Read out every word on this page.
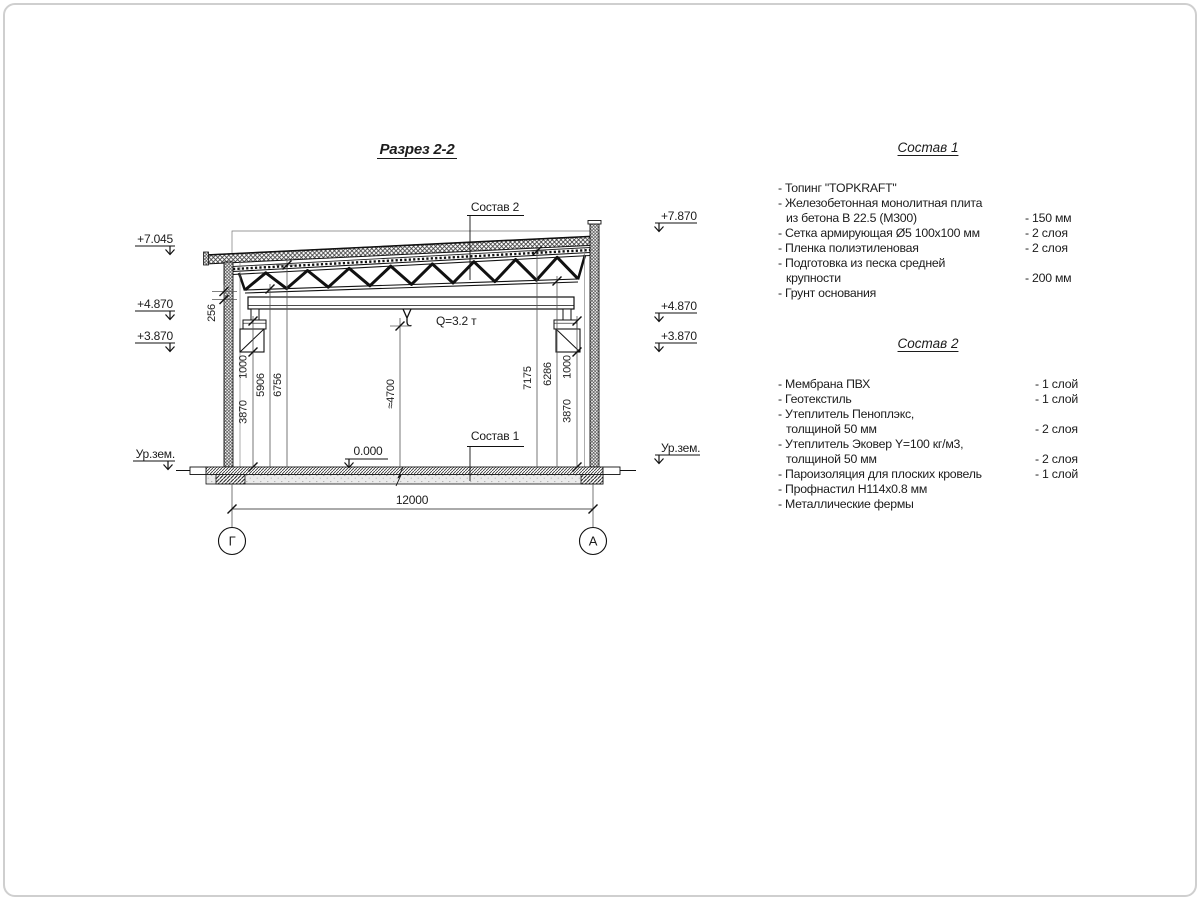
Разрез 2-2
Q=3.2 т
1000
3870
5906 6756	≈4700
7175 6286 1000
3870
256
12000
Г	А
+7.045
+4.870
+3.870
Ур.зем.
+7.870
+4.870
+3.870
Ур.зем.
0.000
Состав 2
Состав 1
Состав 1
- Топинг "TOPKRAFT"
- Железобетонная монолитная плита
из бетона В 22.5 (М300)	- 150 мм
- Сетка армирующая Ø5 100x100 мм	- 2 слоя
- Пленка полиэтиленовая	- 2 слоя
- Подготовка из песка средней
крупности	- 200 мм
- Грунт основания
Состав 2
- Мембрана ПВХ	- 1 слой
- Геотекстиль	- 1 слой
- Утеплитель Пеноплэкс,
толщиной 50 мм	- 2 слоя
- Утеплитель Эковер Y=100 кг/м3,
толщиной 50 мм	- 2 слоя
- Пароизоляция для плоских кровель	- 1 слой
- Профнастил Н114x0.8 мм
- Металлические фермы
